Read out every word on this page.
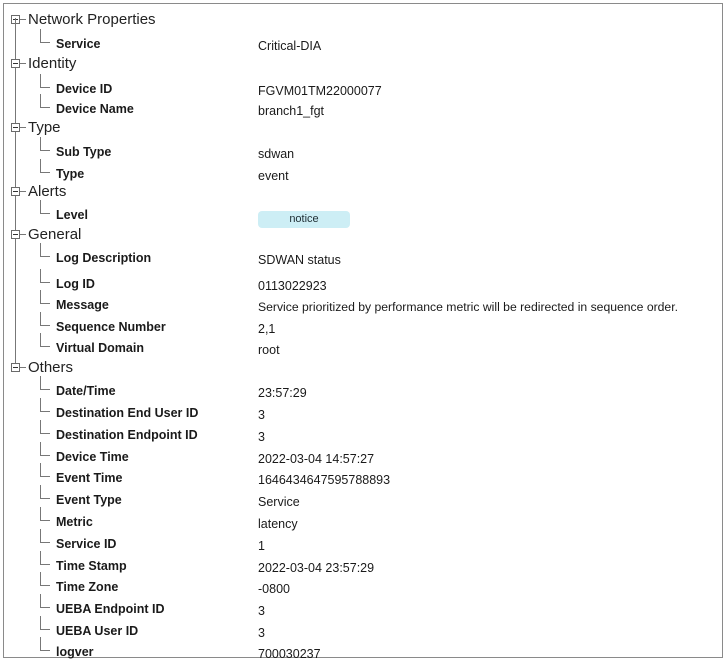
Network Properties
Service	Critical-DIA
Identity
Device ID	FGVM01TM22000077
Device Name	branch1_fgt
Type
Sub Type	sdwan
Type	event
Alerts
Level	notice
General
Log Description	SDWAN status
Log ID	0113022923
Message	Service prioritized by performance metric will be redirected in sequence order.
Sequence Number	2,1
Virtual Domain	root
Others
Date/Time	23:57:29
Destination End User ID	3
Destination Endpoint ID	3
Device Time	2022-03-04 14:57:27
Event Time	1646434647595788893
Event Type	Service
Metric	latency
Service ID	1
Time Stamp	2022-03-04 23:57:29
Time Zone	-0800
UEBA Endpoint ID	3
UEBA User ID	3
logver	700030237
